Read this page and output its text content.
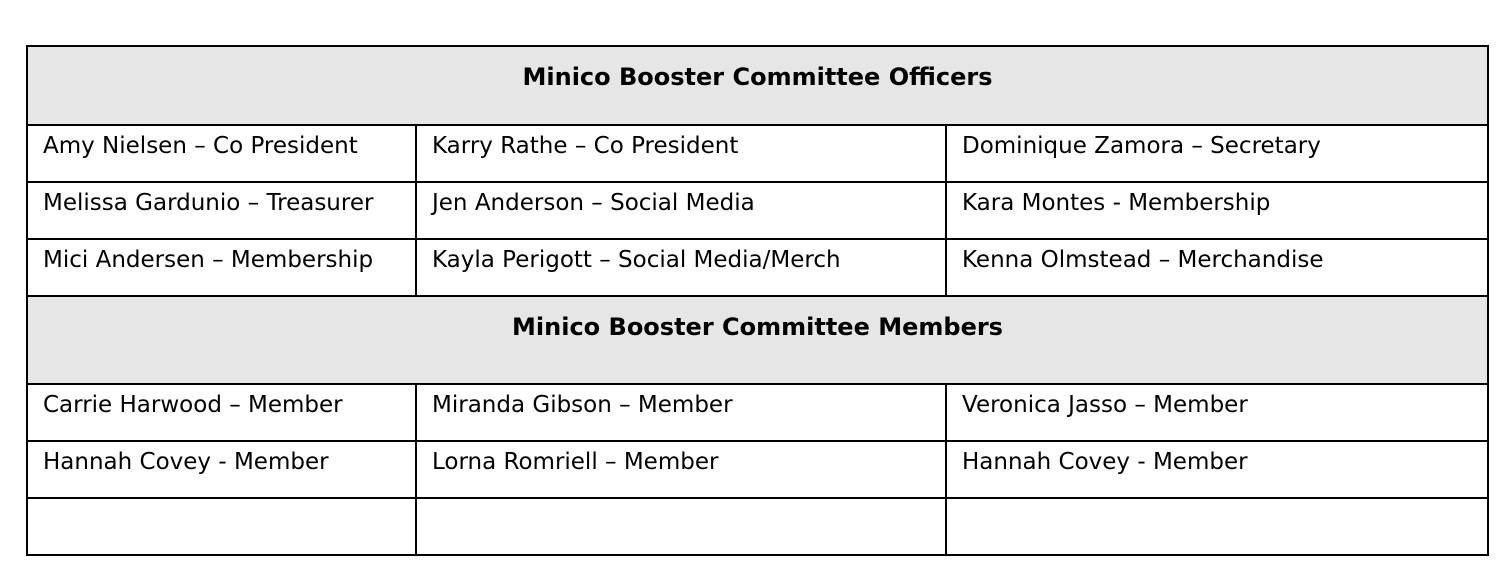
Minico Booster Committee Officers		
Amy Nielsen – Co President	Karry Rathe – Co President	Dominique Zamora – Secretary
Melissa Gardunio – Treasurer	Jen Anderson – Social Media	Kara Montes - Membership
Mici Andersen – Membership	Kayla Perigott – Social Media/Merch	Kenna Olmstead – Merchandise
Minico Booster Committee Members		
Carrie Harwood – Member	Miranda Gibson – Member	Veronica Jasso – Member
Hannah Covey - Member	Lorna Romriell – Member	Hannah Covey - Member
